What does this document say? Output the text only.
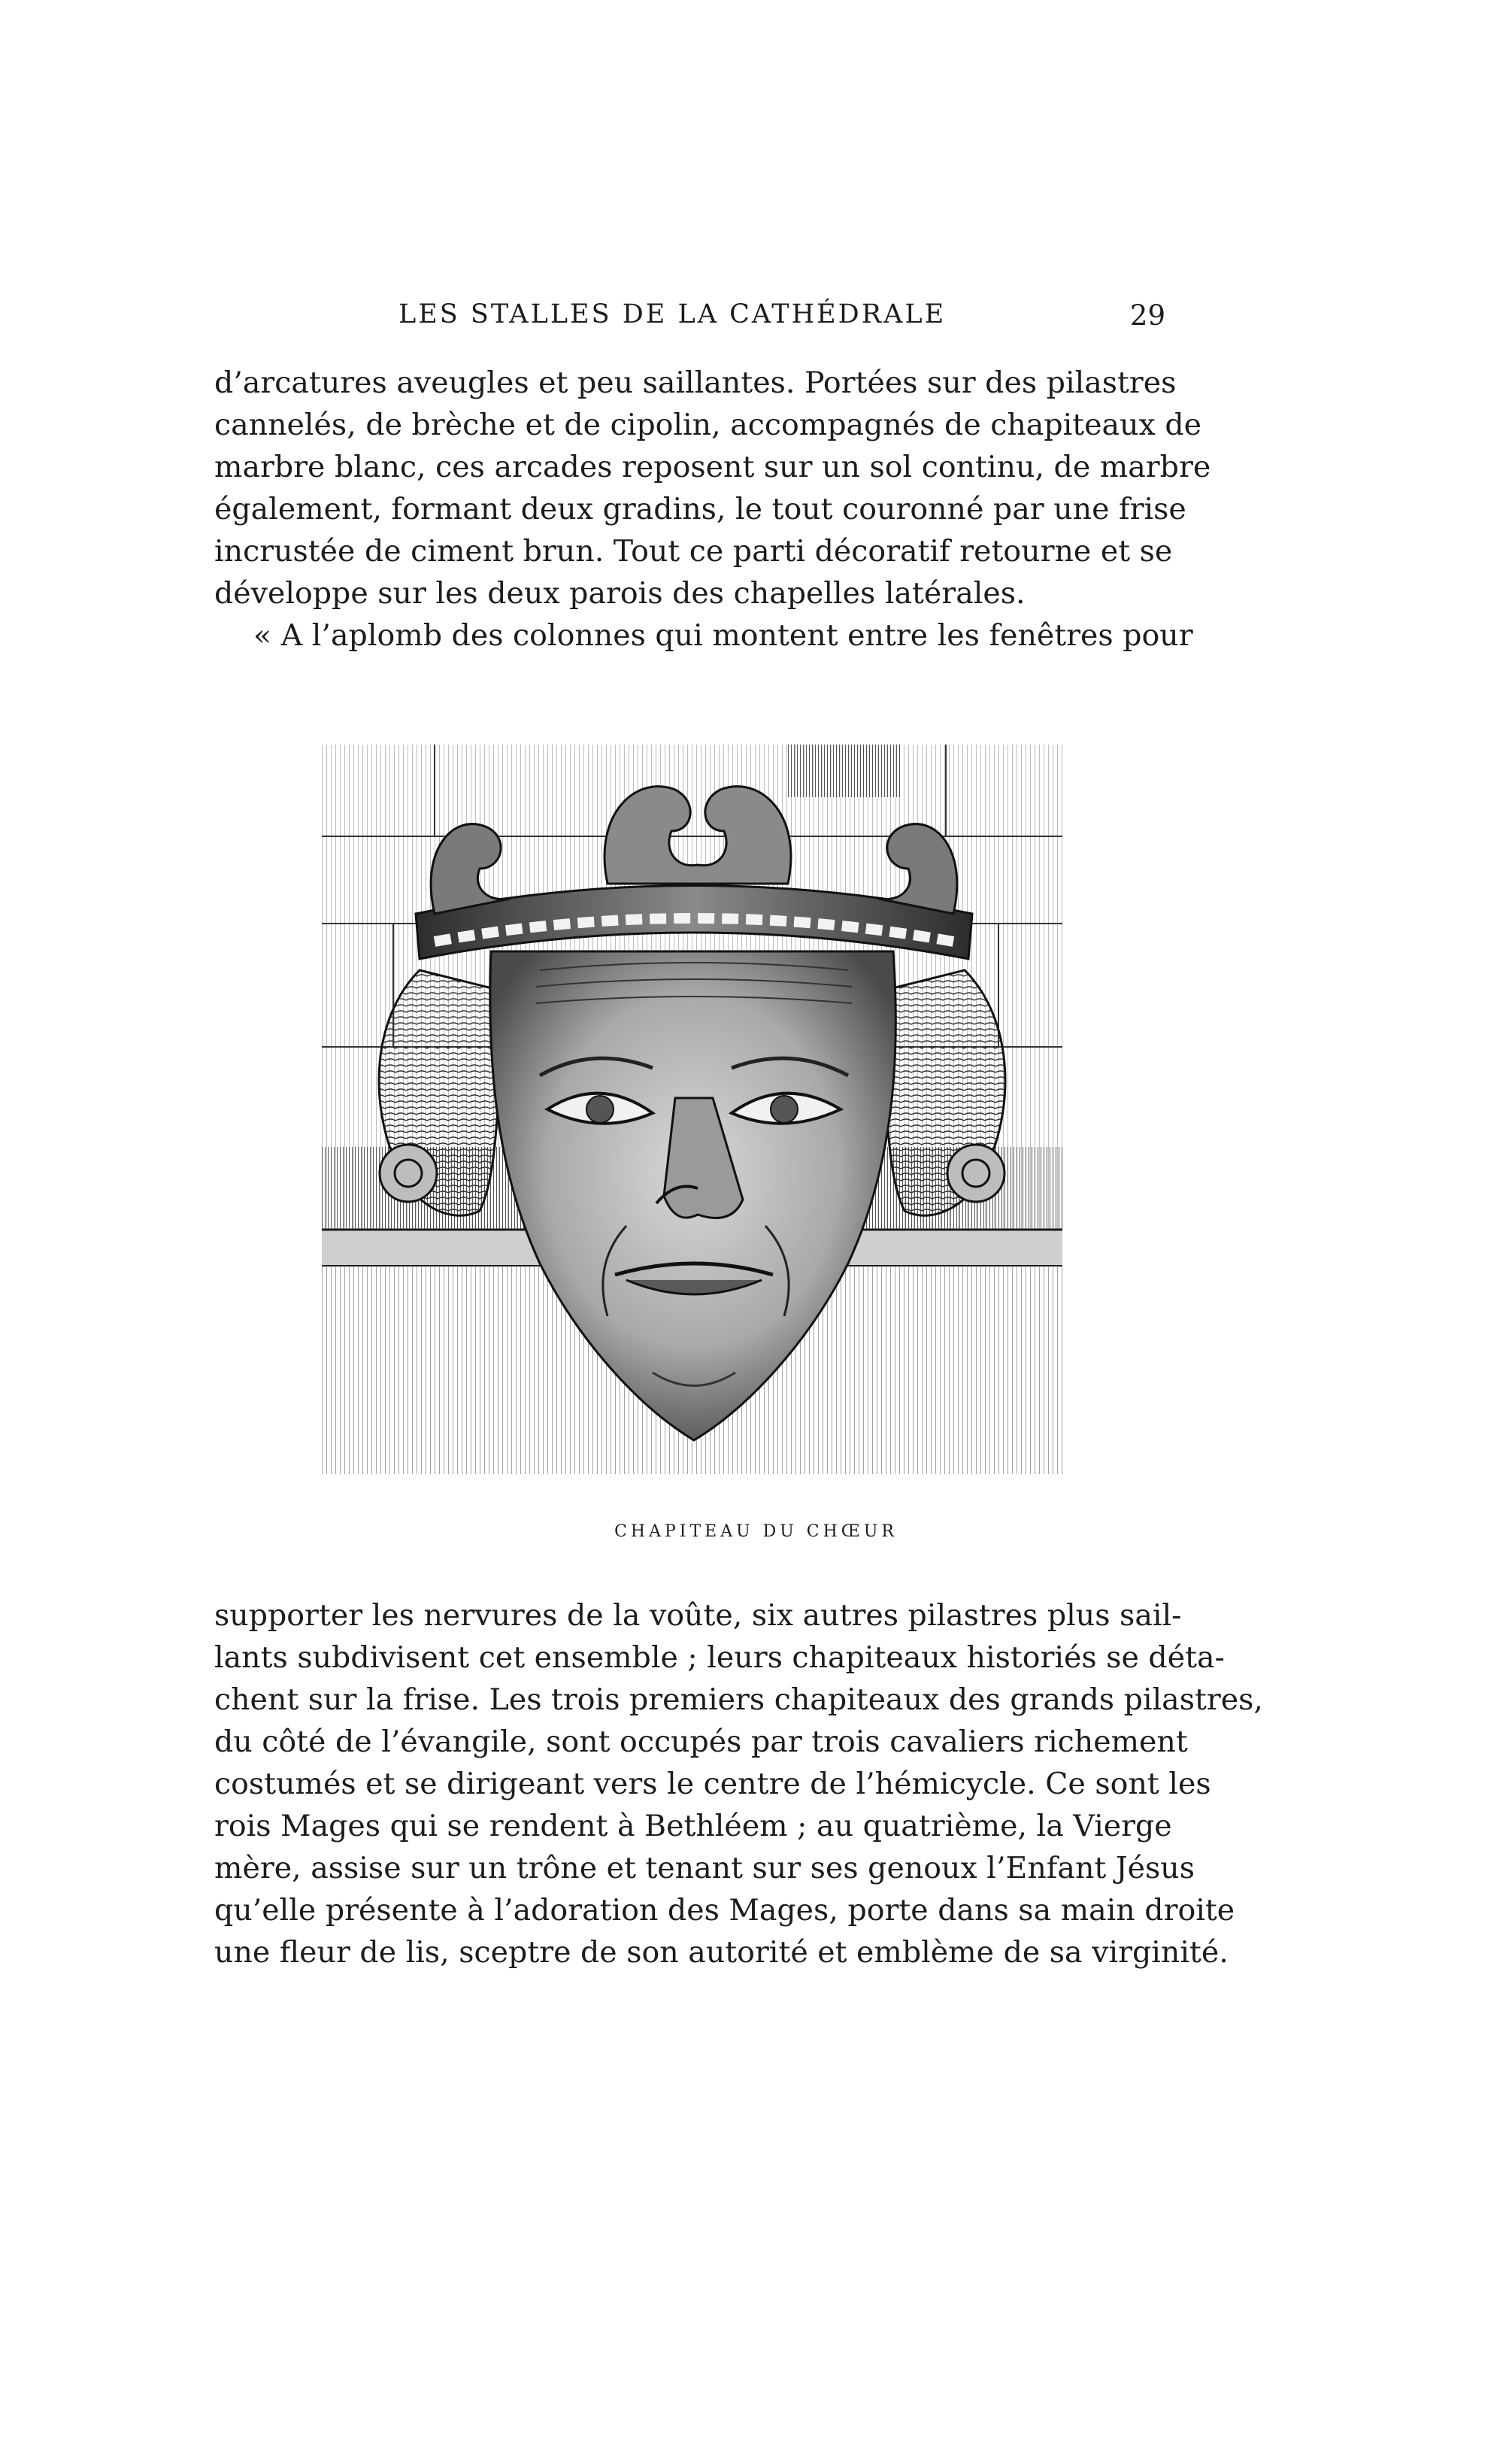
LES STALLES DE LA CATHÉDRALE	29
d’arcatures aveugles et peu saillantes. Portées sur des pilastres
cannelés, de brèche et de cipolin, accompagnés de chapiteaux de
marbre blanc, ces arcades reposent sur un sol continu, de marbre
également, formant deux gradins, le tout couronné par une frise
incrustée de ciment brun. Tout ce parti décoratif retourne et se
développe sur les deux parois des chapelles latérales.
« A l’aplomb des colonnes qui montent entre les fenêtres pour
CHAPITEAU DU CHŒUR
supporter les nervures de la voûte, six autres pilastres plus sail-
lants subdivisent cet ensemble ; leurs chapiteaux historiés se déta-
chent sur la frise. Les trois premiers chapiteaux des grands pilastres,
du côté de l’évangile, sont occupés par trois cavaliers richement
costumés et se dirigeant vers le centre de l’hémicycle. Ce sont les
rois Mages qui se rendent à Bethléem ; au quatrième, la Vierge
mère, assise sur un trône et tenant sur ses genoux l’Enfant Jésus
qu’elle présente à l’adoration des Mages, porte dans sa main droite
une fleur de lis, sceptre de son autorité et emblème de sa virginité.
